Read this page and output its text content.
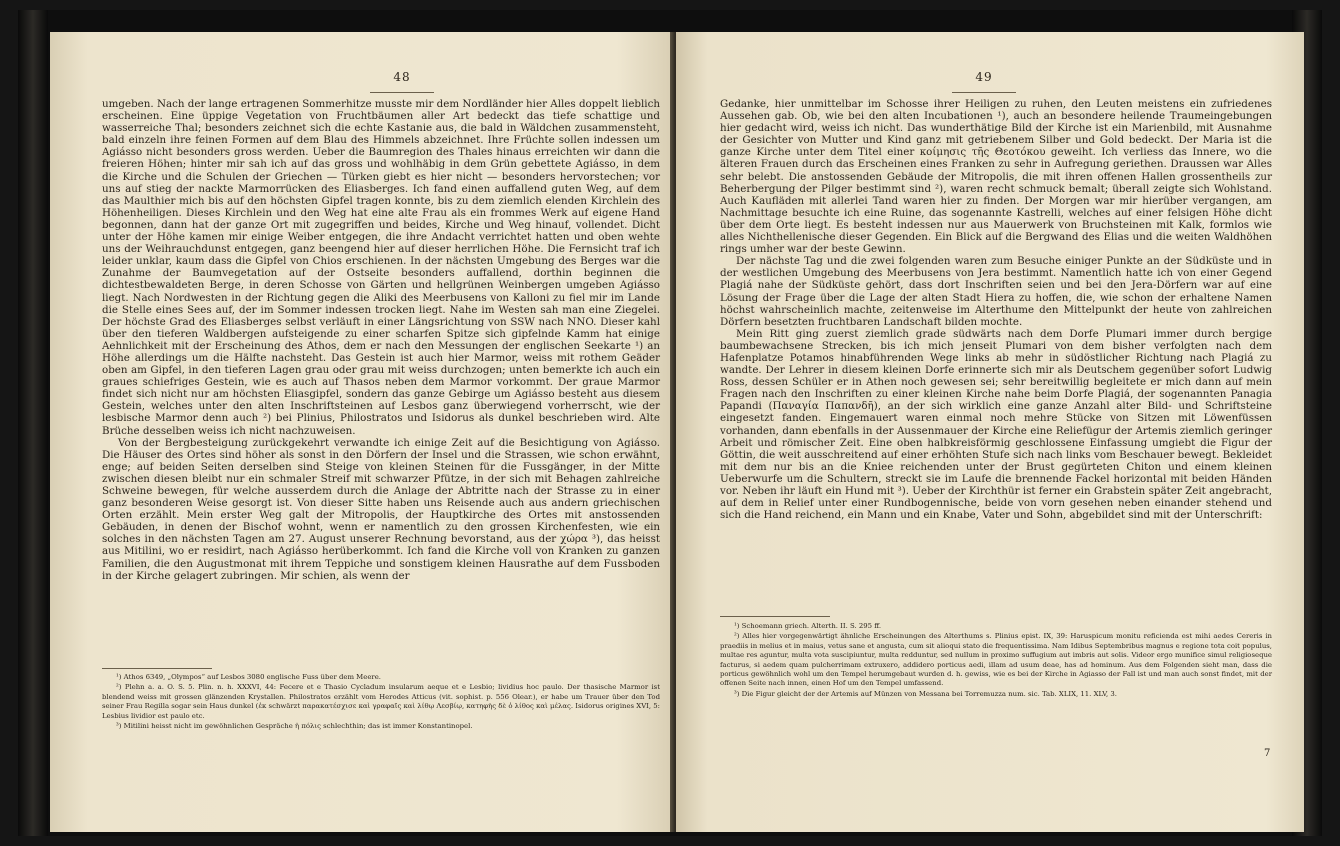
48

umgeben. Nach der lange ertragenen Sommerhitze musste mir dem Nordländer hier Alles doppelt lieblich erscheinen. Eine üppige Vegetation von Fruchtbäumen aller Art bedeckt das tiefe schattige und wasserreiche Thal; besonders zeichnet sich die echte Kastanie aus, die bald in Wäldchen zusammensteht, bald einzeln ihre feinen Formen auf dem Blau des Himmels abzeichnet. Ihre Früchte sollen indessen um Agiásso nicht besonders gross werden. Ueber die Baumregion des Thales hinaus erreichten wir dann die freieren Höhen; hinter mir sah ich auf das gross und wohlhäbig in dem Grün gebettete Agiásso, in dem die Kirche und die Schulen der Griechen — Türken giebt es hier nicht — besonders hervorstechen; vor uns auf stieg der nackte Marmorrücken des Eliasberges. Ich fand einen auffallend guten Weg, auf dem das Maulthier mich bis auf den höchsten Gipfel tragen konnte, bis zu dem ziemlich elenden Kirchlein des Höhenheiligen. Dieses Kirchlein und den Weg hat eine alte Frau als ein frommes Werk auf eigene Hand begonnen, dann hat der ganze Ort mit zugegriffen und beides, Kirche und Weg hinauf, vollendet. Dicht unter der Höhe kamen mir einige Weiber entgegen, die ihre Andacht verrichtet hatten und oben wehte uns der Weihrauchdunst entgegen, ganz beengend hier auf dieser herrlichen Höhe. Die Fernsicht traf ich leider unklar, kaum dass die Gipfel von Chios erschienen. In der nächsten Umgebung des Berges war die Zunahme der Baumvegetation auf der Ostseite besonders auffallend, dorthin beginnen die dichtestbewaldeten Berge, in deren Schosse von Gärten und hellgrünen Weinbergen umgeben Agiásso liegt. Nach Nordwesten in der Richtung gegen die Aliki des Meerbusens von Kalloni zu fiel mir im Lande die Stelle eines Sees auf, der im Sommer indessen trocken liegt. Nahe im Westen sah man eine Ziegelei. Der höchste Grad des Eliasberges selbst verläuft in einer Längsrichtung von SSW nach NNO. Dieser kahl über den tieferen Waldbergen aufsteigende zu einer scharfen Spitze sich gipfelnde Kamm hat einige Aehnlichkeit mit der Erscheinung des Athos, dem er nach den Messungen der englischen Seekarte ¹) an Höhe allerdings um die Hälfte nachsteht. Das Gestein ist auch hier Marmor, weiss mit rothem Geäder oben am Gipfel, in den tieferen Lagen grau oder grau mit weiss durchzogen; unten bemerkte ich auch ein graues schiefriges Gestein, wie es auch auf Thasos neben dem Marmor vorkommt. Der graue Marmor findet sich nicht nur am höchsten Eliasgipfel, sondern das ganze Gebirge um Agiásso besteht aus diesem Gestein, welches unter den alten Inschriftsteinen auf Lesbos ganz überwiegend vorherrscht, wie der lesbische Marmor denn auch ²) bei Plinius, Philostratos und Isidorus als dunkel beschrieben wird. Alte Brüche desselben weiss ich nicht nachzuweisen.

Von der Bergbesteigung zurückgekehrt verwandte ich einige Zeit auf die Besichtigung von Agiásso. Die Häuser des Ortes sind höher als sonst in den Dörfern der Insel und die Strassen, wie schon erwähnt, enge; auf beiden Seiten derselben sind Steige von kleinen Steinen für die Fussgänger, in der Mitte zwischen diesen bleibt nur ein schmaler Streif mit schwarzer Pfütze, in der sich mit Behagen zahlreiche Schweine bewegen, für welche ausserdem durch die Anlage der Abtritte nach der Strasse zu in einer ganz besonderen Weise gesorgt ist. Von dieser Sitte haben uns Reisende auch aus andern griechischen Orten erzählt. Mein erster Weg galt der Mitropolis, der Hauptkirche des Ortes mit anstossenden Gebäuden, in denen der Bischof wohnt, wenn er namentlich zu den grossen Kirchenfesten, wie ein solches in den nächsten Tagen am 27. August unserer Rechnung bevorstand, aus der χώρα ³), das heisst aus Mitilini, wo er residirt, nach Agiásso herüberkommt. Ich fand die Kirche voll von Kranken zu ganzen Familien, die den Augustmonat mit ihrem Teppiche und sonstigem kleinen Hausrathe auf dem Fussboden in der Kirche gelagert zubringen. Mir schien, als wenn der

¹) Athos 6349, „Olympos“ auf Lesbos 3080 englische Fuss über dem Meere.

²) Plehn a. a. O. S. 5. Plin. n. h. XXXVI, 44: Fecere et e Thasio Cycladum insularum aeque et e Lesbio; lividius hoc paulo. Der thasische Marmor ist blendend weiss mit grossen glänzenden Krystallen. Philostratos erzählt vom Herodes Atticus (vit. sophist. p. 556 Olear.), er habe um Trauer über den Tod seiner Frau Regilla sogar sein Haus dunkel (ἐκ schwärzt παρακατέσχισε καὶ γραφαῖς καὶ λίθῳ Λεσβίῳ, κατηφὴς δὲ ὁ λίθος καὶ μέλας. Isidorus origines XVI, 5: Lesbius lividior est paulo etc.

³) Mitilini heisst nicht im gewöhnlichen Gespräche ἡ πόλις schlechthin; das ist immer Konstantinopel.

49

Gedanke, hier unmittelbar im Schosse ihrer Heiligen zu ruhen, den Leuten meistens ein zufriedenes Aussehen gab. Ob, wie bei den alten Incubationen ¹), auch an besondere heilende Traumeingebungen hier gedacht wird, weiss ich nicht. Das wunderthätige Bild der Kirche ist ein Marienbild, mit Ausnahme der Gesichter von Mutter und Kind ganz mit getriebenem Silber und Gold bedeckt. Der Maria ist die ganze Kirche unter dem Titel einer κοίμησις τῆς Θεοτόκου geweiht. Ich verliess das Innere, wo die älteren Frauen durch das Erscheinen eines Franken zu sehr in Aufregung geriethen. Draussen war Alles sehr belebt. Die anstossenden Gebäude der Mitropolis, die mit ihren offenen Hallen grossentheils zur Beherbergung der Pilger bestimmt sind ²), waren recht schmuck bemalt; überall zeigte sich Wohlstand. Auch Kaufläden mit allerlei Tand waren hier zu finden. Der Morgen war mir hierüber vergangen, am Nachmittage besuchte ich eine Ruine, das sogenannte Kastrelli, welches auf einer felsigen Höhe dicht über dem Orte liegt. Es besteht indessen nur aus Mauerwerk von Bruchsteinen mit Kalk, formlos wie alles Nichthellenische dieser Gegenden. Ein Blick auf die Bergwand des Elias und die weiten Waldhöhen rings umher war der beste Gewinn.

Der nächste Tag und die zwei folgenden waren zum Besuche einiger Punkte an der Südküste und in der westlichen Umgebung des Meerbusens von Jera bestimmt. Namentlich hatte ich von einer Gegend Plagiá nahe der Südküste gehört, dass dort Inschriften seien und bei den Jera-Dörfern war auf eine Lösung der Frage über die Lage der alten Stadt Hiera zu hoffen, die, wie schon der erhaltene Namen höchst wahrscheinlich machte, zeitenweise im Alterthume den Mittelpunkt der heute von zahlreichen Dörfern besetzten fruchtbaren Landschaft bilden mochte.

Mein Ritt ging zuerst ziemlich grade südwärts nach dem Dorfe Plumari immer durch bergige baumbewachsene Strecken, bis ich mich jenseit Plumari von dem bisher verfolgten nach dem Hafenplatze Potamos hinabführenden Wege links ab mehr in südöstlicher Richtung nach Plagiá zu wandte. Der Lehrer in diesem kleinen Dorfe erinnerte sich mir als Deutschem gegenüber sofort Ludwig Ross, dessen Schüler er in Athen noch gewesen sei; sehr bereitwillig begleitete er mich dann auf mein Fragen nach den Inschriften zu einer kleinen Kirche nahe beim Dorfe Plagiá, der sogenannten Panagia Papandi (Παναγία Παπανδῆ), an der sich wirklich eine ganze Anzahl alter Bild- und Schriftsteine eingesetzt fanden. Eingemauert waren einmal noch mehre Stücke von Sitzen mit Löwenfüssen vorhanden, dann ebenfalls in der Aussenmauer der Kirche eine Reliefügur der Artemis ziemlich geringer Arbeit und römischer Zeit. Eine oben halbkreisförmig geschlossene Einfassung umgiebt die Figur der Göttin, die weit ausschreitend auf einer erhöhten Stufe sich nach links vom Beschauer bewegt. Bekleidet mit dem nur bis an die Kniee reichenden unter der Brust gegürteten Chiton und einem kleinen Ueberwurfe um die Schultern, streckt sie im Laufe die brennende Fackel horizontal mit beiden Händen vor. Neben ihr läuft ein Hund mit ³). Ueber der Kirchthür ist ferner ein Grabstein später Zeit angebracht, auf dem in Relief unter einer Rundbogennische, beide von vorn gesehen neben einander stehend und sich die Hand reichend, ein Mann und ein Knabe, Vater und Sohn, abgebildet sind mit der Unterschrift:

¹) Schoemann griech. Alterth. II. S. 295 ff.

²) Alles hier vorgegenwärtigt ähnliche Erscheinungen des Alterthums s. Plinius epist. IX, 39: Haruspicum monitu reficienda est mihi aedes Cereris in praediis in melius et in maius, vetus sane et angusta, cum sit alioqui stato die frequentissima. Nam Idibus Septembribus magnus e regione tota coit populus, multae res aguntur, multa vota suscipiuntur, multa redduntur, sed nullum in proximo suffugium aut imbris aut solis. Videor ergo munifice simul religioseque facturus, si aedem quam pulcherrimam extruxero, addidero porticus aedi, illam ad usum deae, has ad hominum. Aus dem Folgenden sieht man, dass die porticus gewöhnlich wohl um den Tempel herumgebaut wurden d. h. gewiss, wie es bei der Kirche in Agiasso der Fall ist und man auch sonst findet, mit der offenen Seite nach innen, einen Hof um den Tempel umfassend.

³) Die Figur gleicht der der Artemis auf Münzen von Messana bei Torremuzza num. sic. Tab. XLIX, 11. XLV, 3.

7
